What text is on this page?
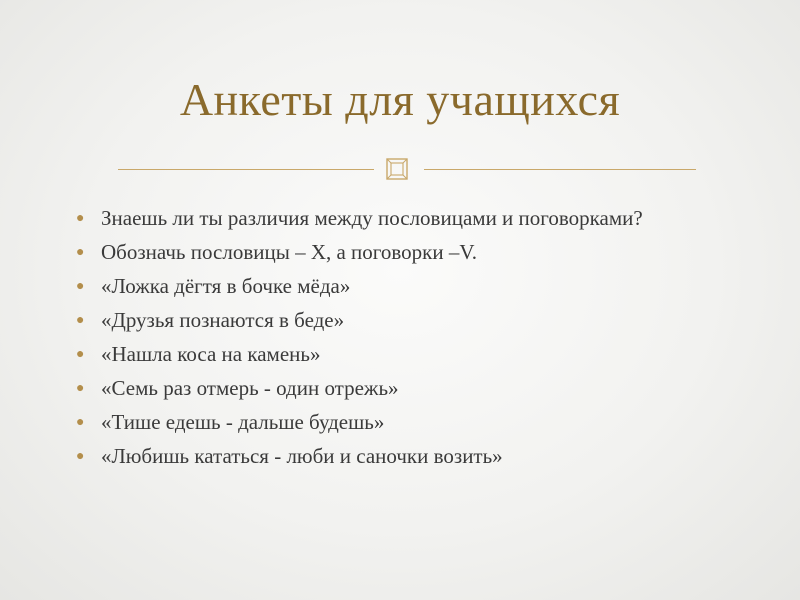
Анкеты для учащихся
● Знаешь ли ты различия между пословицами и поговорками?
● Обозначь пословицы – Х, а поговорки –V.
● «Ложка дёгтя в бочке мёда»
● «Друзья познаются в беде»
● «Нашла коса на камень»
● «Семь раз отмерь - один отрежь»
● «Тише едешь - дальше будешь»
● «Любишь кататься - люби и саночки возить»
